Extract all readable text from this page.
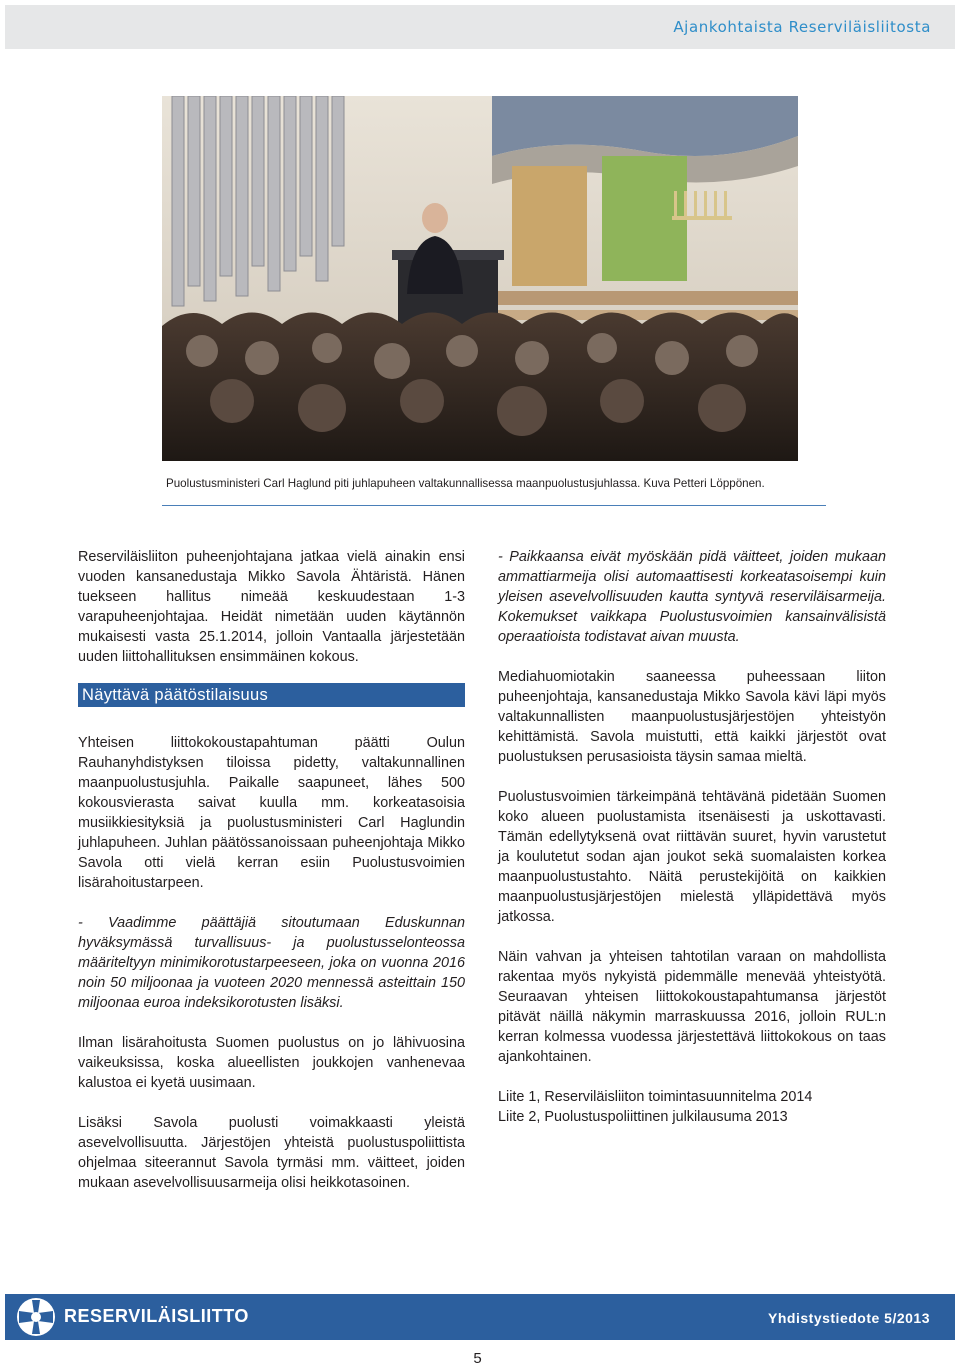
Ajankohtaista Reserviläisliitosta

Puolustusministeri Carl Haglund piti juhlapuheen valtakunnallisessa maanpuolustusjuhlassa. Kuva Petteri Löppönen.

Reserviläisliiton puheenjohtajana jatkaa vielä ainakin ensi vuoden kansanedustaja Mikko Savola Ähtäristä. Hänen tuekseen hallitus nimeää keskuudestaan 1-3 varapuheenjohtajaa. Heidät nimetään uuden käytännön mukaisesti vasta 25.1.2014, jolloin Vantaalla järjestetään uuden liittohallituksen ensimmäinen kokous.

Näyttävä päätöstilaisuus

Yhteisen liittokokoustapahtuman päätti Oulun Rauhanyhdistyksen tiloissa pidetty, valtakunnallinen maanpuolustusjuhla. Paikalle saapuneet, lähes 500 kokousvierasta saivat kuulla mm. korkeatasoisia musiikkiesityksiä ja puolustusministeri Carl Haglundin juhlapuheen. Juhlan päätössanoissaan puheenjohtaja Mikko Savola otti vielä kerran esiin Puolustusvoimien lisärahoitustarpeen.

- Vaadimme päättäjiä sitoutumaan Eduskunnan hyväksymässä turvallisuus- ja puolustusselonteossa määriteltyyn minimikorotustarpeeseen, joka on vuonna 2016 noin 50 miljoonaa ja vuoteen 2020 mennessä asteittain 150 miljoonaa euroa indeksikorotusten lisäksi.

Ilman lisärahoitusta Suomen puolustus on jo lähivuosina vaikeuksissa, koska alueellisten joukkojen vanhenevaa kalustoa ei kyetä uusimaan.

Lisäksi Savola puolusti voimakkaasti yleistä asevelvollisuutta. Järjestöjen yhteistä puolustuspoliittista ohjelmaa siteerannut Savola tyrmäsi mm. väitteet, joiden mukaan asevelvollisuusarmeija olisi heikkotasoinen.

- Paikkaansa eivät myöskään pidä väitteet, joiden mukaan ammattiarmeija olisi automaattisesti korkeatasoisempi kuin yleisen asevelvollisuuden kautta syntyvä reserviläisarmeija. Kokemukset vaikkapa Puolustusvoimien kansainvälisistä operaatioista todistavat aivan muusta.

Mediahuomiotakin saaneessa puheessaan liiton puheenjohtaja, kansanedustaja Mikko Savola kävi läpi myös valtakunnallisten maanpuolustusjärjestöjen yhteistyön kehittämistä. Savola muistutti, että kaikki järjestöt ovat puolustuksen perusasioista täysin samaa mieltä.

Puolustusvoimien tärkeimpänä tehtävänä pidetään Suomen koko alueen puolustamista itsenäisesti ja uskottavasti. Tämän edellytyksenä ovat riittävän suuret, hyvin varustetut ja koulutetut sodan ajan joukot sekä suomalaisten korkea maanpuolustustahto. Näitä perustekijöitä on kaikkien maanpuolustusjärjestöjen mielestä ylläpidettävä myös jatkossa.

Näin vahvan ja yhteisen tahtotilan varaan on mahdollista rakentaa myös nykyistä pidemmälle menevää yhteistyötä. Seuraavan yhteisen liittokokoustapahtumansa järjestöt pitävät näillä näkymin marraskuussa 2016, jolloin RUL:n kerran kolmessa vuodessa järjestettävä liittokokous on taas ajankohtainen.

Liite 1, Reserviläisliiton toimintasuunnitelma 2014

Liite 2, Puolustuspoliittinen julkilausuma 2013

RESERVILÄISLIITTO	Yhdistystiedote 5/2013
5
